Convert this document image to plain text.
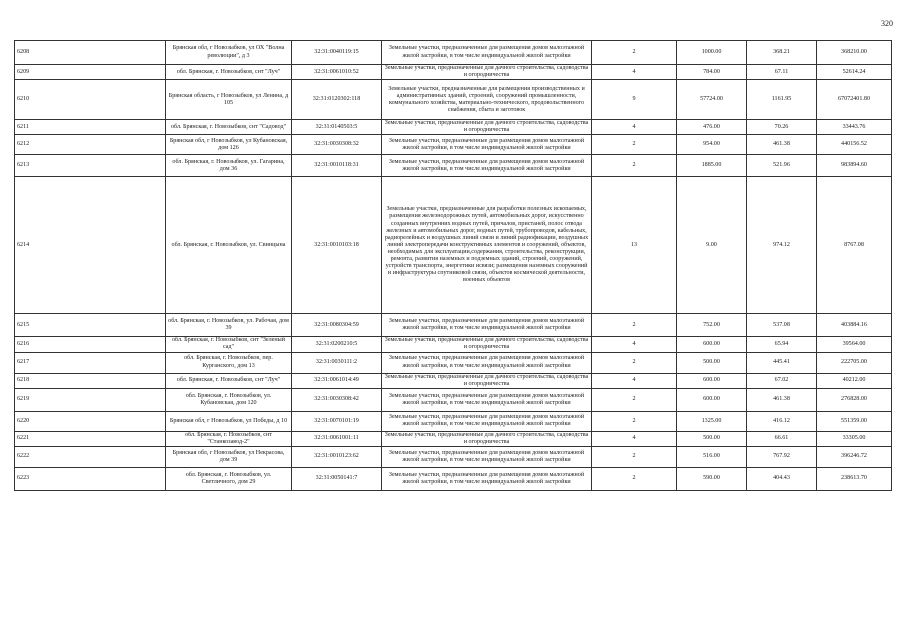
320
6208	Брянская обл, г Новозыбков, ул ОХ "Волна революции", д 3	32:31:0040119:15	Земельные участки, предназначенные для размещения домов малоэтажной жилой застройки, в том числе индивидуальной жилой застройки	2	1000.00	368.21	368210.00
6209	обл. Брянская, г. Новозыбков, снт "Луч"	32:31:0061010:52	Земельные участки, предназначенные для дачного строительства, садоводства и огородничества	4	784.00	67.11	52614.24
6210	Брянская область, г Новозыбков, ул Ленина, д 105	32:31:0120302:118	Земельные участки, предназначенные для размещения производственных и административных зданий, строений, сооружений промышленности, коммунального хозяйства, материально-технического, продовольственного снабжения, сбыта и заготовок	9	57724.00	1161.95	67072401.80
6211	обл. Брянская, г. Новозыбков, снт "Садовод"	32:31:0140503:5	Земельные участки, предназначенные для дачного строительства, садоводства и огородничества	4	476.00	70.26	33443.76
6212	Брянская обл, г Новозыбков, ул Кубановская, дом 126	32:31:0030308:32	Земельные участки, предназначенные для размещения домов малоэтажной жилой застройки, в том числе индивидуальной жилой застройки	2	954.00	461.38	440156.52
6213	обл. Брянская, г. Новозыбков, ул. Гагарина, дом 36	32:31:0010118:31	Земельные участки, предназначенные для размещения домов малоэтажной жилой застройки, в том числе индивидуальной жилой застройки	2	1885.00	521.96	983894.60
6214	обл. Брянская, г. Новозыбков, ул. Свинцына	32:31:0010103:18	Земельные участки, предназначенные для разработки полезных ископаемых, размещения железнодорожных путей, автомобильных дорог, искусственно созданных внутренних водных путей, причалов, пристаней, полос отвода железных и автомобильных дорог, водных путей, трубопроводов, кабельных, радиорелейных и воздушных линий связи и линий радиофикации, воздушных линий электропередачи конструктивных элементов и сооружений, объектов, необходимых для эксплуатации,содержания, строительства, реконструкции, ремонта, развития наземных и подземных зданий, строений, сооружений, устройств транспорта, энергетики исвязи; размещения наземных сооружений и инфраструктуры спутниковой связи, объектов космической деятельности, военных объектов	13	9.00	974.12	8767.08
6215	обл. Брянская, г. Новозыбков, ул. Рабочая, дом 39	32:31:0080304:59	Земельные участки, предназначенные для размещения домов малоэтажной жилой застройки, в том числе индивидуальной жилой застройки	2	752.00	537.08	403884.16
6216	обл. Брянская, г. Новозыбков, снт "Зеленый сад"	32:31:0200210:5	Земельные участки, предназначенные для дачного строительства, садоводства и огородничества	4	600.00	65.94	39564.00
6217	обл. Брянская, г. Новозыбков, пер. Курганского, дом 13	32:31:0030111:2	Земельные участки, предназначенные для размещения домов малоэтажной жилой застройки, в том числе индивидуальной жилой застройки	2	500.00	445.41	222705.00
6218	обл. Брянская, г. Новозыбков, снт "Луч"	32:31:0061014:49	Земельные участки, предназначенные для дачного строительства, садоводства и огородничества	4	600.00	67.02	40212.00
6219	обл. Брянская, г. Новозыбков, ул. Кубановская, дом 120	32:31:0030308:42	Земельные участки, предназначенные для размещения домов малоэтажной жилой застройки, в том числе индивидуальной жилой застройки	2	600.00	461.38	276828.00
6220	Брянская обл, г Новозыбков, ул Победы, д 10	32:31:0070101:19	Земельные участки, предназначенные для размещения домов малоэтажной жилой застройки, в том числе индивидуальной жилой застройки	2	1325.00	416.12	551359.00
6221	обл. Брянская, г. Новозыбков, снт "Станкозавод-2"	32:31:0061001:11	Земельные участки, предназначенные для дачного строительства, садоводства и огородничества	4	500.00	66.61	33305.00
6222	Брянская обл, г Новозыбков, ул Некрасова, дом 39	32:31:0010123:62	Земельные участки, предназначенные для размещения домов малоэтажной жилой застройки, в том числе индивидуальной жилой застройки	2	516.00	767.92	396246.72
6223	обл. Брянская, г. Новозыбков, ул. Светличного, дом 29	32:31:0050141:7	Земельные участки, предназначенные для размещения домов малоэтажной жилой застройки, в том числе индивидуальной жилой застройки	2	590.00	404.43	238613.70
